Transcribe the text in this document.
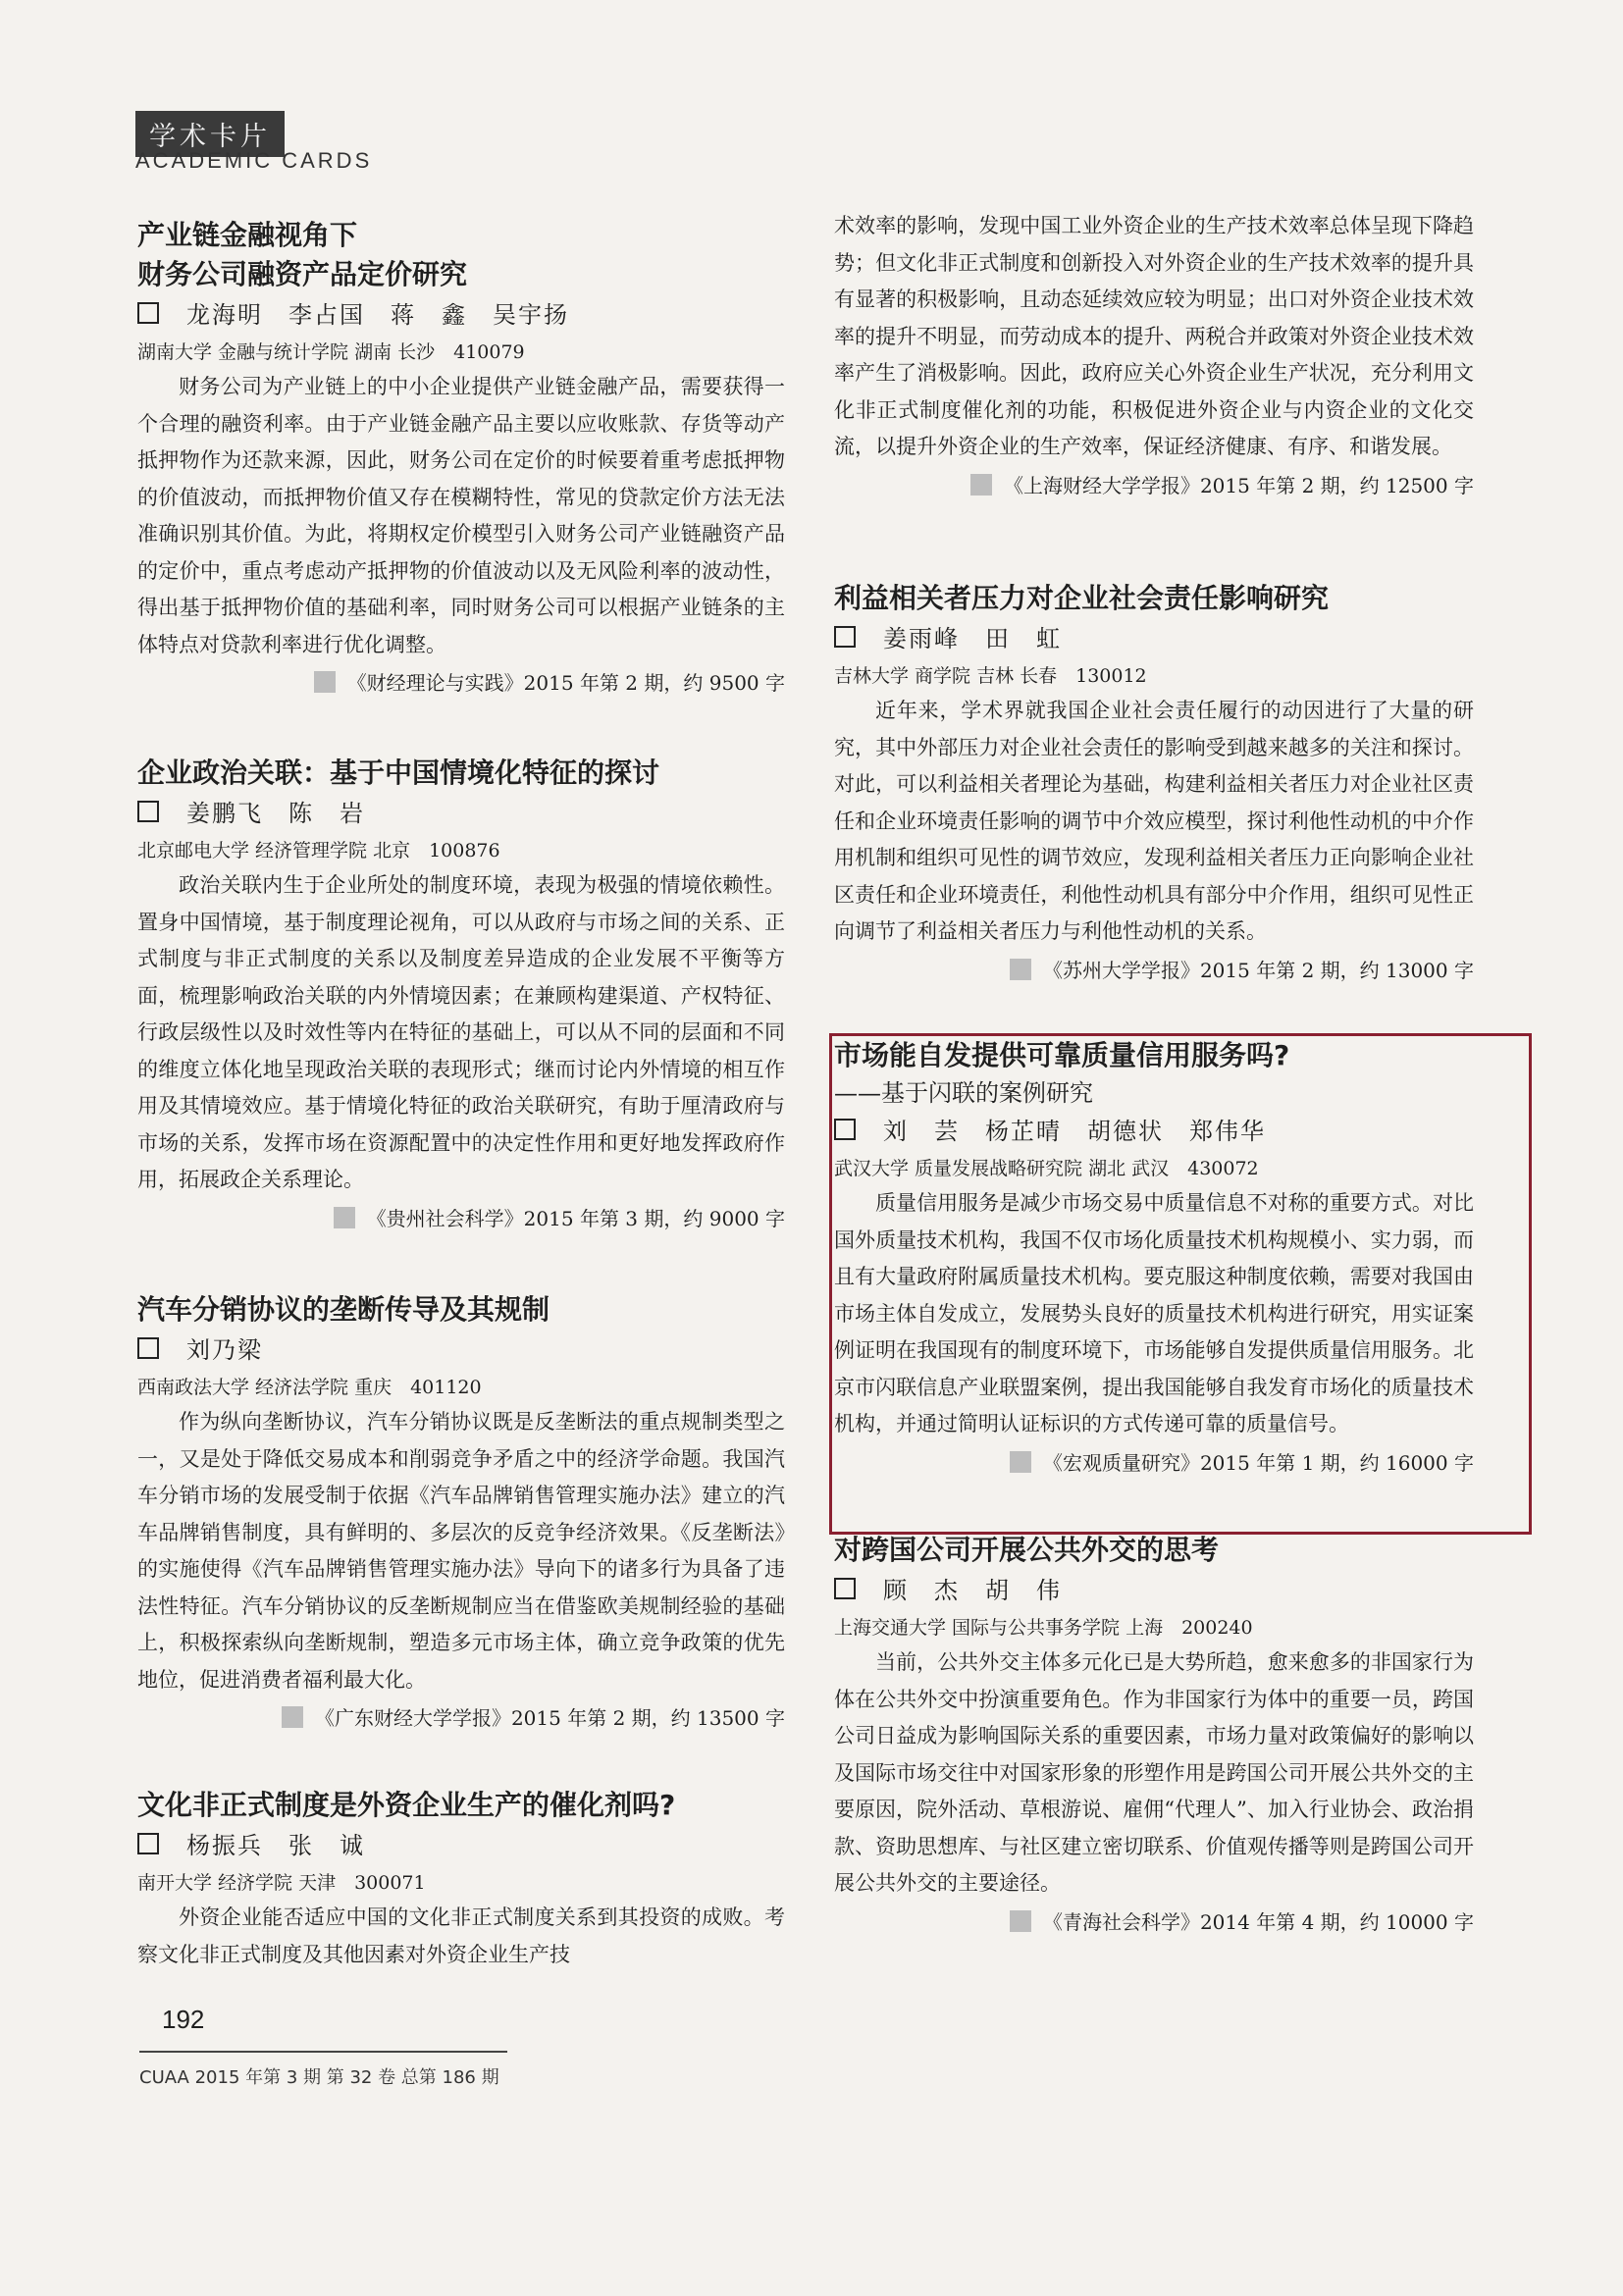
学术卡片
ACADEMIC CARDS

产业链金融视角下

财务公司融资产品定价研究

龙海明　李占国　蒋　鑫　吴宇扬

湖南大学 金融与统计学院 湖南 长沙　410079

财务公司为产业链上的中小企业提供产业链金融产品，需要获得一个合理的融资利率。由于产业链金融产品主要以应收账款、存货等动产抵押物作为还款来源，因此，财务公司在定价的时候要着重考虑抵押物的价值波动，而抵押物价值又存在模糊特性，常见的贷款定价方法无法准确识别其价值。为此，将期权定价模型引入财务公司产业链融资产品的定价中，重点考虑动产抵押物的价值波动以及无风险利率的波动性，得出基于抵押物价值的基础利率，同时财务公司可以根据产业链条的主体特点对贷款利率进行优化调整。

《财经理论与实践》2015 年第 2 期，约 9500 字

企业政治关联：基于中国情境化特征的探讨

姜鹏飞　陈　岩

北京邮电大学 经济管理学院 北京　100876

政治关联内生于企业所处的制度环境，表现为极强的情境依赖性。置身中国情境，基于制度理论视角，可以从政府与市场之间的关系、正式制度与非正式制度的关系以及制度差异造成的企业发展不平衡等方面，梳理影响政治关联的内外情境因素；在兼顾构建渠道、产权特征、行政层级性以及时效性等内在特征的基础上，可以从不同的层面和不同的维度立体化地呈现政治关联的表现形式；继而讨论内外情境的相互作用及其情境效应。基于情境化特征的政治关联研究，有助于厘清政府与市场的关系，发挥市场在资源配置中的决定性作用和更好地发挥政府作用，拓展政企关系理论。

《贵州社会科学》2015 年第 3 期，约 9000 字

汽车分销协议的垄断传导及其规制

刘乃梁

西南政法大学 经济法学院 重庆　401120

作为纵向垄断协议，汽车分销协议既是反垄断法的重点规制类型之一，又是处于降低交易成本和削弱竞争矛盾之中的经济学命题。我国汽车分销市场的发展受制于依据《汽车品牌销售管理实施办法》建立的汽车品牌销售制度，具有鲜明的、多层次的反竞争经济效果。《反垄断法》的实施使得《汽车品牌销售管理实施办法》导向下的诸多行为具备了违法性特征。汽车分销协议的反垄断规制应当在借鉴欧美规制经验的基础上，积极探索纵向垄断规制，塑造多元市场主体，确立竞争政策的优先地位，促进消费者福利最大化。

《广东财经大学学报》2015 年第 2 期，约 13500 字

文化非正式制度是外资企业生产的催化剂吗?

杨振兵　张　诚

南开大学 经济学院 天津　300071

外资企业能否适应中国的文化非正式制度关系到其投资的成败。考察文化非正式制度及其他因素对外资企业生产技

术效率的影响，发现中国工业外资企业的生产技术效率总体呈现下降趋势；但文化非正式制度和创新投入对外资企业的生产技术效率的提升具有显著的积极影响，且动态延续效应较为明显；出口对外资企业技术效率的提升不明显，而劳动成本的提升、两税合并政策对外资企业技术效率产生了消极影响。因此，政府应关心外资企业生产状况，充分利用文化非正式制度催化剂的功能，积极促进外资企业与内资企业的文化交流，以提升外资企业的生产效率，保证经济健康、有序、和谐发展。

《上海财经大学学报》2015 年第 2 期，约 12500 字

利益相关者压力对企业社会责任影响研究

姜雨峰　田　虹

吉林大学 商学院 吉林 长春　130012

近年来，学术界就我国企业社会责任履行的动因进行了大量的研究，其中外部压力对企业社会责任的影响受到越来越多的关注和探讨。对此，可以利益相关者理论为基础，构建利益相关者压力对企业社区责任和企业环境责任影响的调节中介效应模型，探讨利他性动机的中介作用机制和组织可见性的调节效应，发现利益相关者压力正向影响企业社区责任和企业环境责任，利他性动机具有部分中介作用，组织可见性正向调节了利益相关者压力与利他性动机的关系。

《苏州大学学报》2015 年第 2 期，约 13000 字

市场能自发提供可靠质量信用服务吗?

——基于闪联的案例研究

刘　芸　杨芷晴　胡德状　郑伟华

武汉大学 质量发展战略研究院 湖北 武汉　430072

质量信用服务是减少市场交易中质量信息不对称的重要方式。对比国外质量技术机构，我国不仅市场化质量技术机构规模小、实力弱，而且有大量政府附属质量技术机构。要克服这种制度依赖，需要对我国由市场主体自发成立，发展势头良好的质量技术机构进行研究，用实证案例证明在我国现有的制度环境下，市场能够自发提供质量信用服务。北京市闪联信息产业联盟案例，提出我国能够自我发育市场化的质量技术机构，并通过简明认证标识的方式传递可靠的质量信号。

《宏观质量研究》2015 年第 1 期，约 16000 字

对跨国公司开展公共外交的思考

顾　杰　胡　伟

上海交通大学 国际与公共事务学院 上海　200240

当前，公共外交主体多元化已是大势所趋，愈来愈多的非国家行为体在公共外交中扮演重要角色。作为非国家行为体中的重要一员，跨国公司日益成为影响国际关系的重要因素，市场力量对政策偏好的影响以及国际市场交往中对国家形象的形塑作用是跨国公司开展公共外交的主要原因，院外活动、草根游说、雇佣“代理人”、加入行业协会、政治捐款、资助思想库、与社区建立密切联系、价值观传播等则是跨国公司开展公共外交的主要途径。

《青海社会科学》2014 年第 4 期，约 10000 字

192
CUAA 2015 年第 3 期 第 32 卷 总第 186 期
